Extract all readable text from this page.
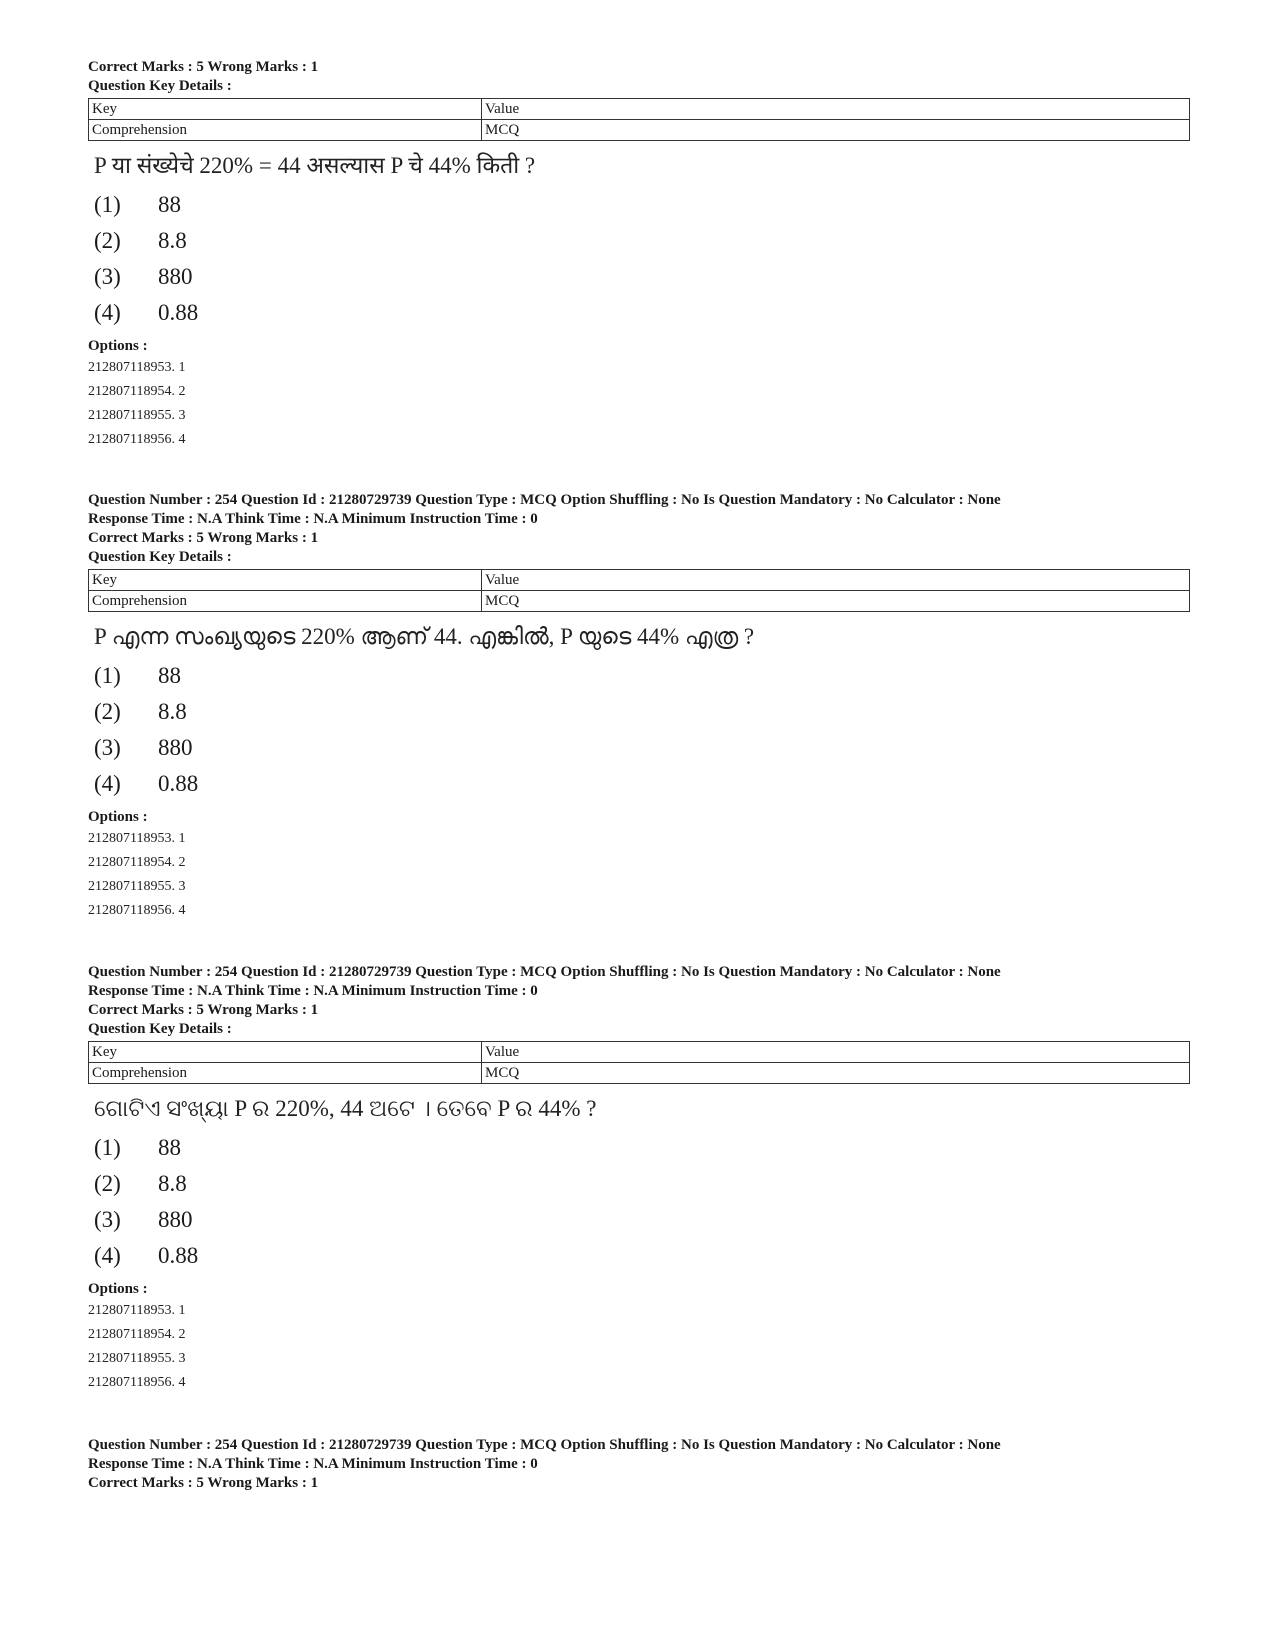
Correct Marks : 5 Wrong Marks : 1
Question Key Details :
Key	Value
Comprehension	MCQ
P या संख्येचे 220% = 44 असल्यास P चे 44% किती ?
(1) 88
(2) 8.8
(3) 880
(4) 0.88
Options :
212807118953. 1
212807118954. 2
212807118955. 3
212807118956. 4
Question Number : 254 Question Id : 21280729739 Question Type : MCQ Option Shuffling : No Is Question Mandatory : No Calculator : None
Response Time : N.A Think Time : N.A Minimum Instruction Time : 0
Correct Marks : 5 Wrong Marks : 1
Question Key Details :
Key	Value
Comprehension	MCQ
P എന്ന സംഖ്യയുടെ 220% ആണ് 44. എങ്കിൽ, P യുടെ 44% എത്ര ?
(1) 88
(2) 8.8
(3) 880
(4) 0.88
Options :
212807118953. 1
212807118954. 2
212807118955. 3
212807118956. 4
Question Number : 254 Question Id : 21280729739 Question Type : MCQ Option Shuffling : No Is Question Mandatory : No Calculator : None
Response Time : N.A Think Time : N.A Minimum Instruction Time : 0
Correct Marks : 5 Wrong Marks : 1
Question Key Details :
Key	Value
Comprehension	MCQ
ଗୋଟିଏ ସଂଖ୍ୟା P ର 220%, 44 ଅଟେ । ତେବେ P ର 44% ?
(1) 88
(2) 8.8
(3) 880
(4) 0.88
Options :
212807118953. 1
212807118954. 2
212807118955. 3
212807118956. 4
Question Number : 254 Question Id : 21280729739 Question Type : MCQ Option Shuffling : No Is Question Mandatory : No Calculator : None
Response Time : N.A Think Time : N.A Minimum Instruction Time : 0
Correct Marks : 5 Wrong Marks : 1
